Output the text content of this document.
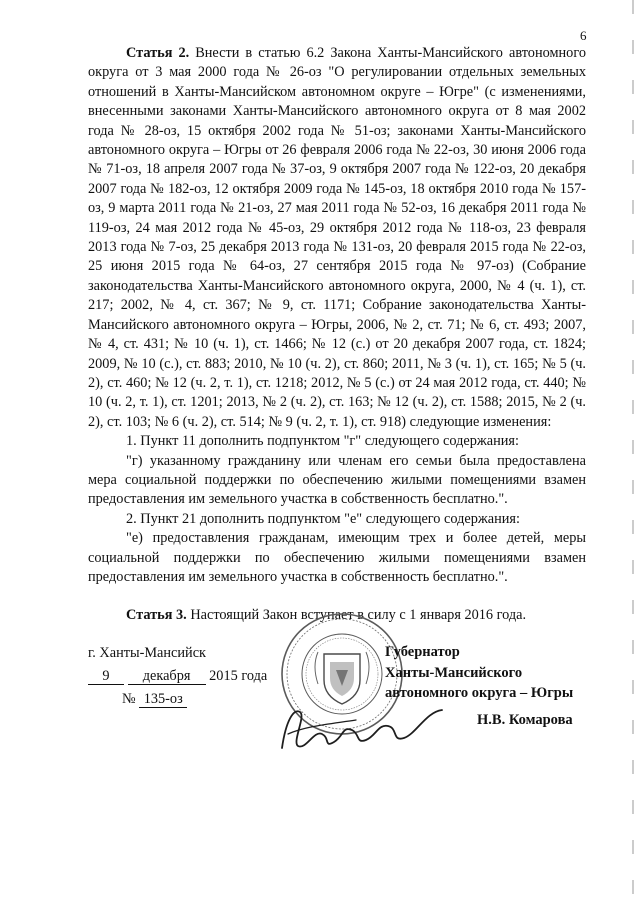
6

Статья 2. Внести в статью 6.2 Закона Ханты-Мансийского автономного округа от 3 мая 2000 года № 26-оз "О регулировании отдельных земельных отношений в Ханты-Мансийском автономном округе – Югре" (с изменениями, внесенными законами Ханты-Мансийского автономного округа от 8 мая 2002 года № 28-оз, 15 октября 2002 года № 51-оз; законами Ханты-Мансийского автономного округа – Югры от 26 февраля 2006 года № 22-оз, 30 июня 2006 года № 71-оз, 18 апреля 2007 года № 37-оз, 9 октября 2007 года № 122-оз, 20 декабря 2007 года № 182-оз, 12 октября 2009 года № 145-оз, 18 октября 2010 года № 157-оз, 9 марта 2011 года № 21-оз, 27 мая 2011 года № 52-оз, 16 декабря 2011 года № 119-оз, 24 мая 2012 года № 45-оз, 29 октября 2012 года № 118-оз, 23 февраля 2013 года № 7-оз, 25 декабря 2013 года № 131-оз, 20 февраля 2015 года № 22-оз, 25 июня 2015 года № 64-оз, 27 сентября 2015 года № 97-оз) (Собрание законодательства Ханты-Мансийского автономного округа, 2000, № 4 (ч. 1), ст. 217; 2002, № 4, ст. 367; № 9, ст. 1171; Собрание законодательства Ханты-Мансийского автономного округа – Югры, 2006, № 2, ст. 71; № 6, ст. 493; 2007, № 4, ст. 431; № 10 (ч. 1), ст. 1466; № 12 (с.) от 20 декабря 2007 года, ст. 1824; 2009, № 10 (с.), ст. 883; 2010, № 10 (ч. 2), ст. 860; 2011, № 3 (ч. 1), ст. 165; № 5 (ч. 2), ст. 460; № 12 (ч. 2, т. 1), ст. 1218; 2012, № 5 (с.) от 24 мая 2012 года, ст. 440; № 10 (ч. 2, т. 1), ст. 1201; 2013, № 2 (ч. 2), ст. 163; № 12 (ч. 2), ст. 1588; 2015, № 2 (ч. 2), ст. 103; № 6 (ч. 2), ст. 514; № 9 (ч. 2, т. 1), ст. 918) следующие изменения:

1. Пункт 11 дополнить подпунктом "г" следующего содержания:

"г) указанному гражданину или членам его семьи была предоставлена мера социальной поддержки по обеспечению жилыми помещениями взамен предоставления им земельного участка в собственность бесплатно.".

2. Пункт 21 дополнить подпунктом "е" следующего содержания:

"е) предоставления гражданам, имеющим трех и более детей, меры социальной поддержки по обеспечению жилыми помещениями взамен предоставления им земельного участка в собственность бесплатно.".

Статья 3. Настоящий Закон вступает в силу с 1 января 2016 года.

г. Ханты-Мансийск
9 декабря 2015 года
№ 135-оз
Губернатор
Ханты-Мансийского
автономного округа – Югры
Н.В. Комарова
